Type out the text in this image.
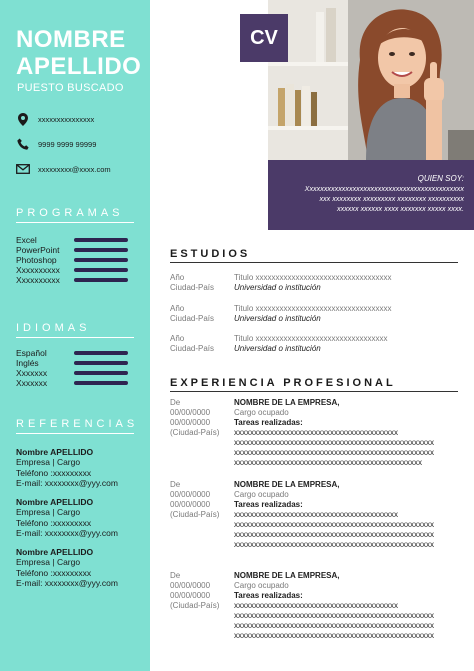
NOMBRE
APELLIDO
PUESTO BUSCADO
xxxxxxxxxxxxxxx
9999 9999 99999
xxxxxxxxx@xxxx.com
PROGRAMAS
Excel
PowerPoint
Photoshop
Xxxxxxxxxx
Xxxxxxxxxx
IDIOMAS
Español
Inglés
Xxxxxxx
Xxxxxxx
REFERENCIAS
Nombre APELLIDO
Empresa | Cargo
Teléfono :xxxxxxxxx
E-mail: xxxxxxxx@yyy.com
Nombre APELLIDO
Empresa | Cargo
Teléfono :xxxxxxxxx
E-mail: xxxxxxxx@yyy.com
Nombre APELLIDO
Empresa | Cargo
Teléfono :xxxxxxxxx
E-mail: xxxxxxxx@yyy.com
CV
QUIEN SOY:
Xxxxxxxxxxxxxxxxxxxxxxxxxxxxxxxxxxxxxxxxxxxx
xxx xxxxxxxx xxxxxxxxx xxxxxxxx xxxxxxxxxx
xxxxxx xxxxxx xxxx xxxxxxx xxxxx xxxx.
ESTUDIOS
Año
Ciudad-País
Titulo xxxxxxxxxxxxxxxxxxxxxxxxxxxxxxxxxx
Universidad o institución
Año
Ciudad-País
Titulo xxxxxxxxxxxxxxxxxxxxxxxxxxxxxxxxxx
Universidad o institución
Año
Ciudad-País
Titulo xxxxxxxxxxxxxxxxxxxxxxxxxxxxxxxxx
Universidad o institución
EXPERIENCIA PROFESIONAL
De
00/00/0000
00/00/0000
(Ciudad-País)
NOMBRE DE LA EMPRESA,
Cargo ocupado
Tareas realizadas:
xxxxxxxxxxxxxxxxxxxxxxxxxxxxxxxxxxxxxxxxx
xxxxxxxxxxxxxxxxxxxxxxxxxxxxxxxxxxxxxxxxxxxxxxxxxx
xxxxxxxxxxxxxxxxxxxxxxxxxxxxxxxxxxxxxxxxxxxxxxxxxx
xxxxxxxxxxxxxxxxxxxxxxxxxxxxxxxxxxxxxxxxxxxxxxx
De
00/00/0000
00/00/0000
(Ciudad-País)
NOMBRE DE LA EMPRESA,
Cargo ocupado
Tareas realizadas:
xxxxxxxxxxxxxxxxxxxxxxxxxxxxxxxxxxxxxxxxx
xxxxxxxxxxxxxxxxxxxxxxxxxxxxxxxxxxxxxxxxxxxxxxxxxx
xxxxxxxxxxxxxxxxxxxxxxxxxxxxxxxxxxxxxxxxxxxxxxxxxx
xxxxxxxxxxxxxxxxxxxxxxxxxxxxxxxxxxxxxxxxxxxxxxxxxx
De
00/00/0000
00/00/0000
(Ciudad-País)
NOMBRE DE LA EMPRESA,
Cargo ocupado
Tareas realizadas:
xxxxxxxxxxxxxxxxxxxxxxxxxxxxxxxxxxxxxxxxx
xxxxxxxxxxxxxxxxxxxxxxxxxxxxxxxxxxxxxxxxxxxxxxxxxx
xxxxxxxxxxxxxxxxxxxxxxxxxxxxxxxxxxxxxxxxxxxxxxxxxx
xxxxxxxxxxxxxxxxxxxxxxxxxxxxxxxxxxxxxxxxxxxxxxxxxx
